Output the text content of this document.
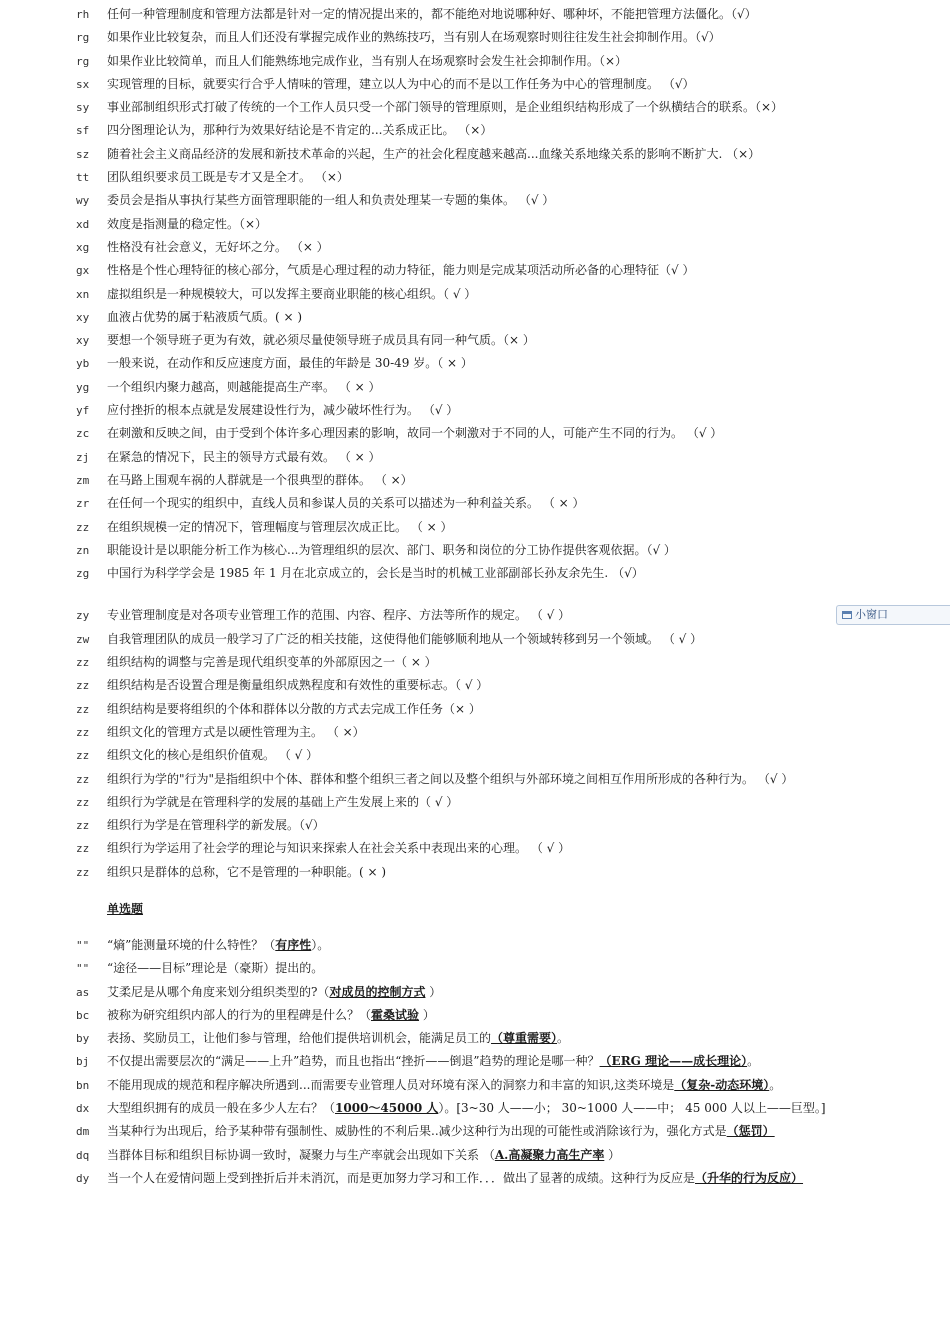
rh	任何一种管理制度和管理方法都是针对一定的情况提出来的，都不能绝对地说哪种好、哪种坏，不能把管理方法僵化。（√）
rg	如果作业比较复杂，而且人们还没有掌握完成作业的熟练技巧，当有别人在场观察时则往往发生社会抑制作用。（√）
rg	如果作业比较简单，而且人们能熟练地完成作业，当有别人在场观察时会发生社会抑制作用。（×）
sx	实现管理的目标，就要实行合乎人情味的管理，建立以人为中心的而不是以工作任务为中心的管理制度。 （√）
sy	事业部制组织形式打破了传统的一个工作人员只受一个部门领导的管理原则，是企业组织结构形成了一个纵横结合的联系。（×）
sf	四分图理论认为，那种行为效果好结论是不肯定的...关系成正比。 （×）
sz	随着社会主义商品经济的发展和新技术革命的兴起，生产的社会化程度越来越高...血缘关系地缘关系的影响不断扩大. （×）
tt	团队组织要求员工既是专才又是全才。 （×）
wy	委员会是指从事执行某些方面管理职能的一组人和负责处理某一专题的集体。 （√ ）
xd	效度是指测量的稳定性。（×）
xg	性格没有社会意义，无好坏之分。 （× ）
gx	性格是个性心理特征的核心部分，气质是心理过程的动力特征，能力则是完成某项活动所必备的心理特征（√ ）
xn	虚拟组织是一种规模较大，可以发挥主要商业职能的核心组织。（ √ ）
xy	血液占优势的属于粘液质气质。( × )
xy	要想一个领导班子更为有效，就必须尽量使领导班子成员具有同一种气质。（× ）
yb	一般来说，在动作和反应速度方面，最佳的年龄是 30-49 岁。（ × ）
yg	一个组织内聚力越高，则越能提高生产率。 （ × ）
yf	应付挫折的根本点就是发展建设性行为，减少破坏性行为。 （√ ）
zc	在刺激和反映之间，由于受到个体许多心理因素的影响，故同一个刺激对于不同的人，可能产生不同的行为。 （√ ）
zj	在紧急的情况下，民主的领导方式最有效。 （ × ）
zm	在马路上围观车祸的人群就是一个很典型的群体。 （ ×）
zr	在任何一个现实的组织中，直线人员和参谋人员的关系可以描述为一种利益关系。 （ × ）
zz	在组织规模一定的情况下，管理幅度与管理层次成正比。 （ × ）
zn	职能设计是以职能分析工作为核心...为管理组织的层次、部门、职务和岗位的分工协作提供客观依据。（√ ）
zg	中国行为科学学会是 1985 年 1 月在北京成立的，会长是当时的机械工业部副部长孙友余先生. （√）
zy	专业管理制度是对各项专业管理工作的范围、内容、程序、方法等所作的规定。 （ √ ）
zw	自我管理团队的成员一般学习了广泛的相关技能，这使得他们能够顺利地从一个领域转移到另一个领域。 （ √ ）
zz	组织结构的调整与完善是现代组织变革的外部原因之一（ × ）
zz	组织结构是否设置合理是衡量组织成熟程度和有效性的重要标志。（ √ ）
zz	组织结构是要将组织的个体和群体以分散的方式去完成工作任务（× ）
zz	组织文化的管理方式是以硬性管理为主。 （ ×）
zz	组织文化的核心是组织价值观。 （ √ ）
zz	组织行为学的"行为"是指组织中个体、群体和整个组织三者之间以及整个组织与外部环境之间相互作用所形成的各种行为。 （√ ）
zz	组织行为学就是在管理科学的发展的基础上产生发展上来的（ √ ）
zz	组织行为学是在管理科学的新发展。（√）
zz	组织行为学运用了社会学的理论与知识来探索人在社会关系中表现出来的心理。 （ √ ）
zz	组织只是群体的总称，它不是管理的一种职能。( × )
单选题
""	“熵”能测量环境的什么特性？（有序性）。
""	“途径——目标”理论是（豪斯）提出的。
as	艾柔尼是从哪个角度来划分组织类型的?（对成员的控制方式 ）
bc	被称为研究组织内部人的行为的里程碑是什么？（霍桑试验 ）
by	表扬、奖励员工，让他们参与管理，给他们提供培训机会，能满足员工的（尊重需要）。
bj	不仅提出需要层次的“满足——上升”趋势，而且也指出“挫折——倒退”趋势的理论是哪一种？（ERG 理论——成长理论）。
bn	不能用现成的规范和程序解决所遇到...而需要专业管理人员对环境有深入的洞察力和丰富的知识,这类环境是（复杂-动态环境）。
dx	大型组织拥有的成员一般在多少人左右？（1000～45000 人）。[3~30 人——小； 30~1000 人——中； 45 000 人以上——巨型。]
dm	当某种行为出现后，给予某种带有强制性、威胁性的不利后果..减少这种行为出现的可能性或消除该行为，强化方式是（惩罚）
dq	当群体目标和组织目标协调一致时，凝聚力与生产率就会出现如下关系 （A.高凝聚力高生产率 ）
dy	当一个人在爱情问题上受到挫折后并未消沉，而是更加努力学习和工作．．．做出了显著的成绩。这种行为反应是（升华的行为反应）
小窗口
